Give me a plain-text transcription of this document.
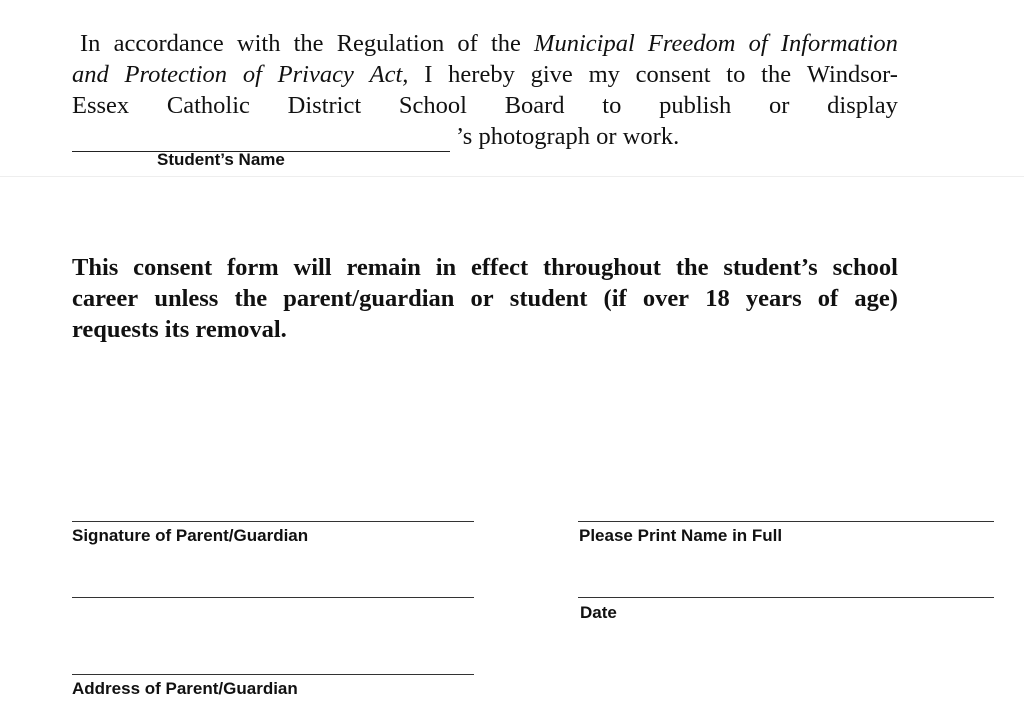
In accordance with the Regulation of the Municipal Freedom of Information
and Protection of Privacy Act, I hereby give my consent to the Windsor-
Essex Catholic District School Board to publish or display
’s photograph or work.
Student’s Name
This consent form will remain in effect throughout the student’s school
career unless the parent/guardian or student (if over 18 years of age)
requests its removal.
Signature of Parent/Guardian	Please Print Name in Full
Date
Address of Parent/Guardian
